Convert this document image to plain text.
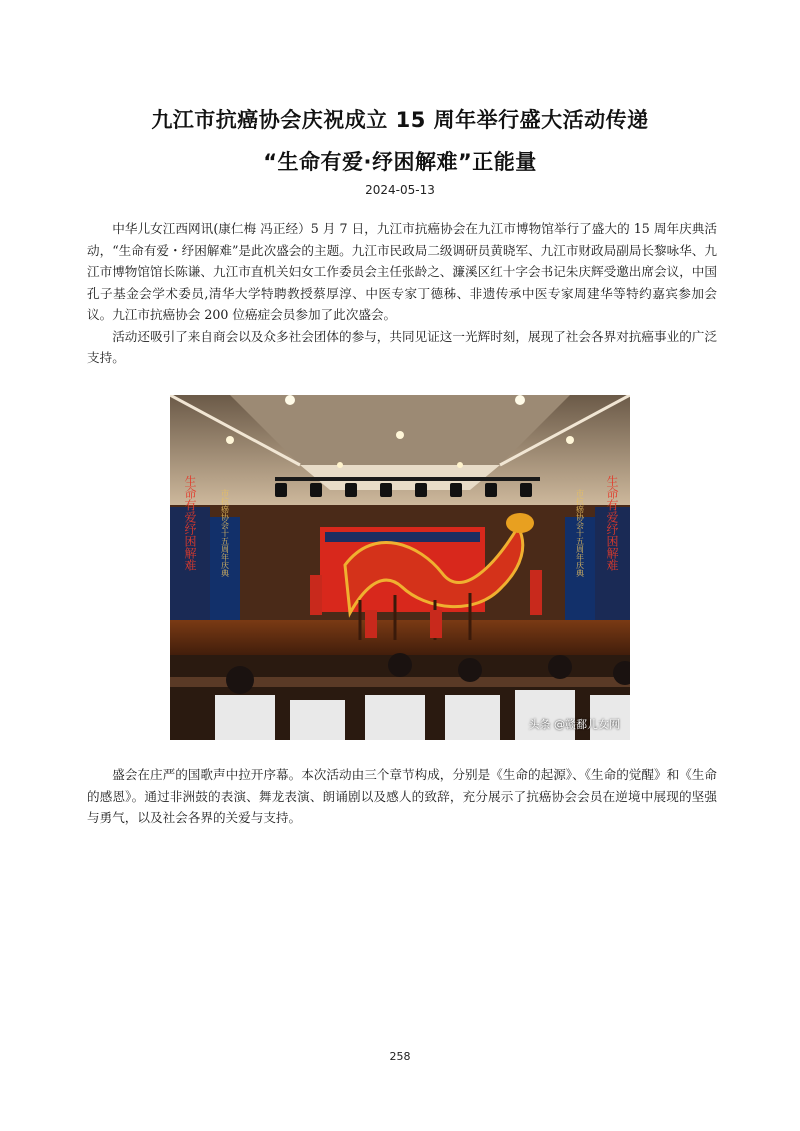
九江市抗癌协会庆祝成立 15 周年举行盛大活动传递
“生命有爱·纾困解难”正能量
2024-05-13

中华儿女江西网讯(康仁梅 冯正经）5 月 7 日，九江市抗癌协会在九江市博物馆举行了盛大的 15 周年庆典活动，“生命有爱・纾困解难”是此次盛会的主题。九江市民政局二级调研员黄晓军、九江市财政局副局长黎咏华、九江市博物馆馆长陈谦、九江市直机关妇女工作委员会主任张龄之、濂溪区红十字会书记朱庆辉受邀出席会议，中国孔子基金会学术委员,清华大学特聘教授蔡厚淳、中医专家丁德秭、非遗传承中医专家周建华等特约嘉宾参加会议。九江市抗癌协会 200 位癌症会员参加了此次盛会。

活动还吸引了来自商会以及众多社会团体的参与，共同见证这一光辉时刻，展现了社会各界对抗癌事业的广泛支持。

生命有爱纾困解难	市抗癌协会十五周年庆典	市抗癌协会十五周年庆典 生命有爱纾困解难
头条 @赣鄱儿女网

盛会在庄严的国歌声中拉开序幕。本次活动由三个章节构成，分别是《生命的起源》、《生命的觉醒》和《生命的感恩》。通过非洲鼓的表演、舞龙表演、朗诵剧以及感人的致辞，充分展示了抗癌协会会员在逆境中展现的坚强与勇气，以及社会各界的关爱与支持。

258
